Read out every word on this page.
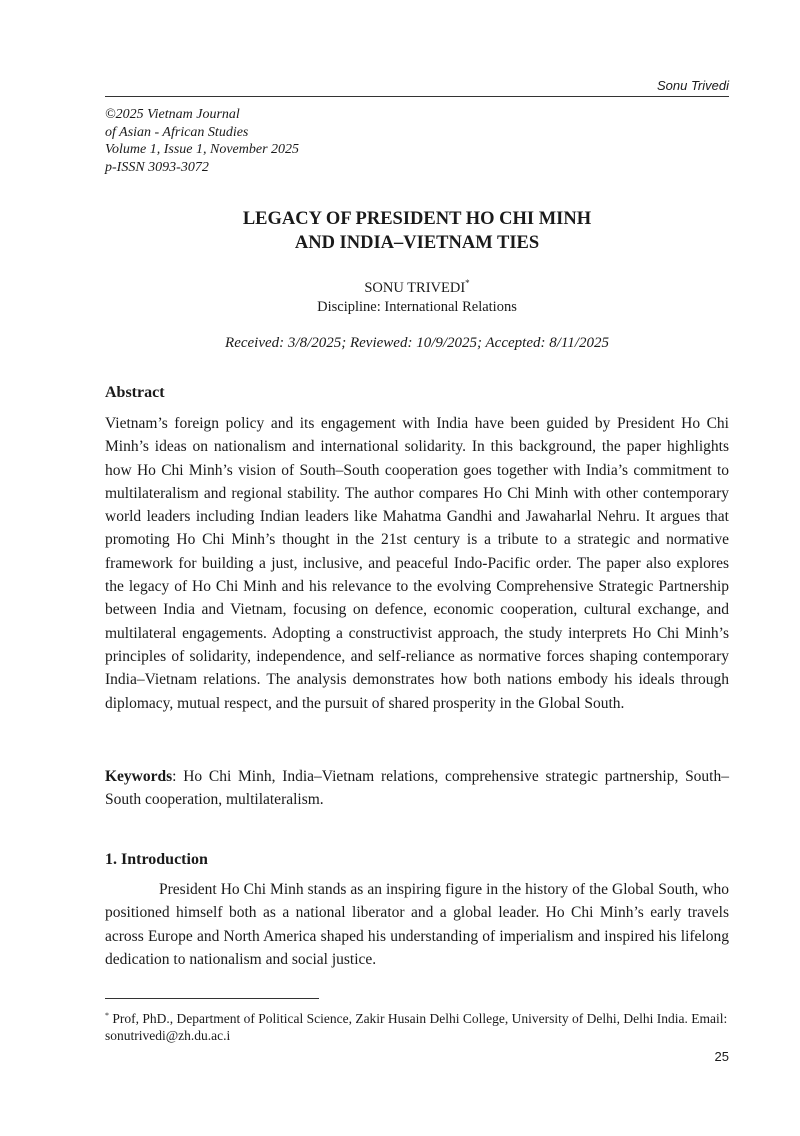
Sonu Trivedi
©2025 Vietnam Journal
of Asian - African Studies
Volume 1, Issue 1, November 2025
p-ISSN 3093-3072
LEGACY OF PRESIDENT HO CHI MINH
AND INDIA–VIETNAM TIES
SONU TRIVEDI*
Discipline: International Relations
Received: 3/8/2025; Reviewed: 10/9/2025; Accepted: 8/11/2025
Abstract

Vietnam’s foreign policy and its engagement with India have been guided by President Ho Chi Minh’s ideas on nationalism and international solidarity. In this background, the paper highlights how Ho Chi Minh’s vision of South–South cooperation goes together with India’s commitment to multilateralism and regional stability. The author compares Ho Chi Minh with other contemporary world leaders including Indian leaders like Mahatma Gandhi and Jawaharlal Nehru. It argues that promoting Ho Chi Minh’s thought in the 21st century is a tribute to a strategic and normative framework for building a just, inclusive, and peaceful Indo-Pacific order. The paper also explores the legacy of Ho Chi Minh and his relevance to the evolving Comprehensive Strategic Partnership between India and Vietnam, focusing on defence, economic cooperation, cultural exchange, and multilateral engagements. Adopting a constructivist approach, the study interprets Ho Chi Minh’s principles of solidarity, independence, and self-reliance as normative forces shaping contemporary India–Vietnam relations. The analysis demonstrates how both nations embody his ideals through diplomacy, mutual respect, and the pursuit of shared prosperity in the Global South.

Keywords: Ho Chi Minh, India–Vietnam relations, comprehensive strategic partnership, South–South cooperation, multilateralism.

1. Introduction

President Ho Chi Minh stands as an inspiring figure in the history of the Global South, who positioned himself both as a national liberator and a global leader. Ho Chi Minh’s early travels across Europe and North America shaped his understanding of imperialism and inspired his lifelong dedication to nationalism and social justice.

* Prof, PhD., Department of Political Science, Zakir Husain Delhi College, University of Delhi, Delhi India. Email: sonutrivedi@zh.du.ac.i

25
